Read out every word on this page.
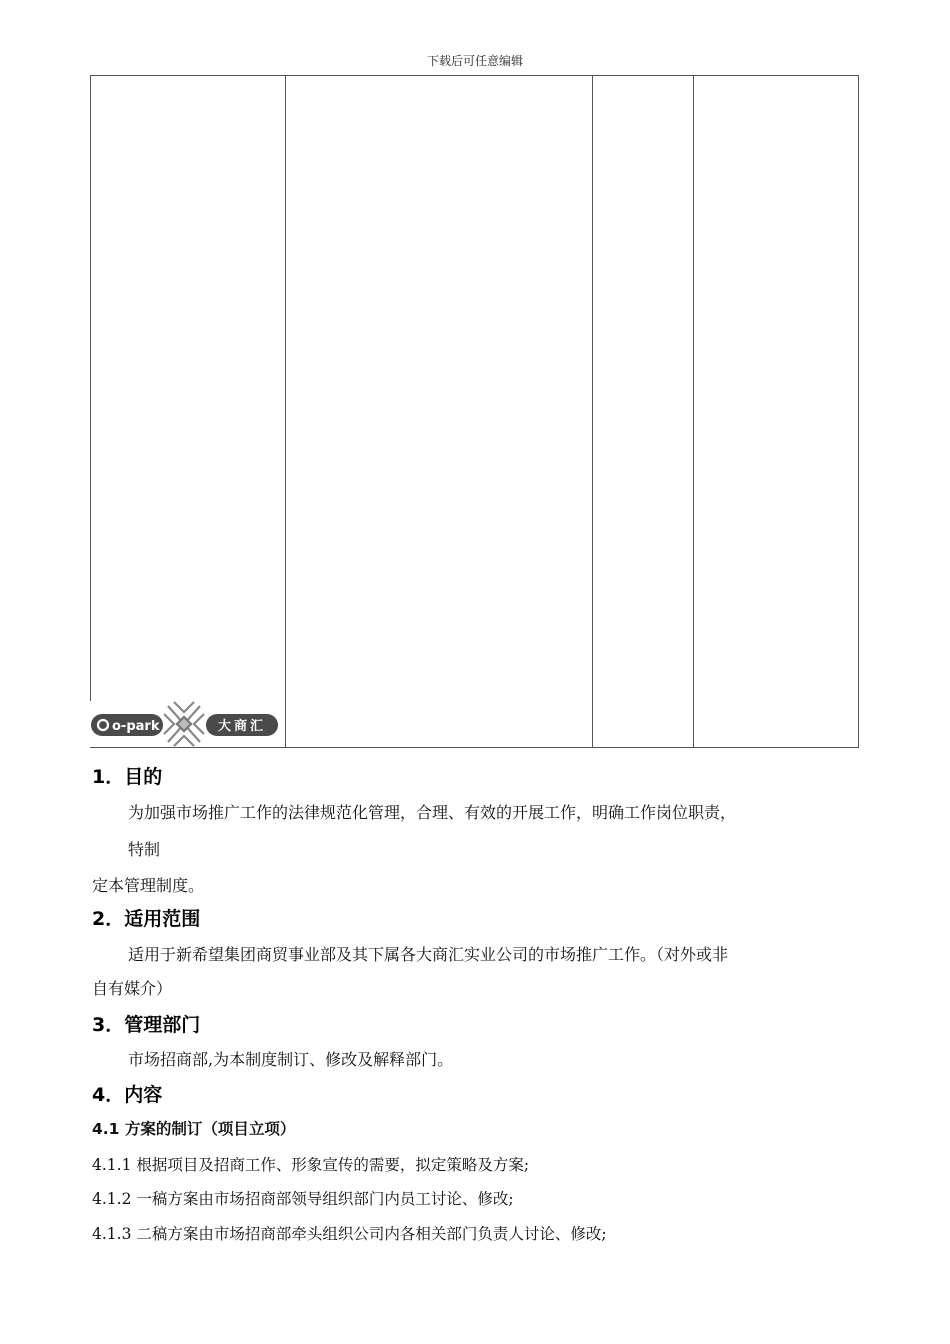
下载后可任意编辑
o-park	大商汇
1．目的
为加强市场推广工作的法律规范化管理，合理、有效的开展工作，明确工作岗位职责，
特制
定本管理制度。
2．适用范围
适用于新希望集团商贸事业部及其下属各大商汇实业公司的市场推广工作。（对外或非
自有媒介）
3．管理部门
市场招商部,为本制度制订、修改及解释部门。
4．内容
4.1 方案的制订（项目立项）
4.1.1 根据项目及招商工作、形象宣传的需要，拟定策略及方案;
4.1.2 一稿方案由市场招商部领导组织部门内员工讨论、修改;
4.1.3 二稿方案由市场招商部牵头组织公司内各相关部门负责人讨论、修改;
